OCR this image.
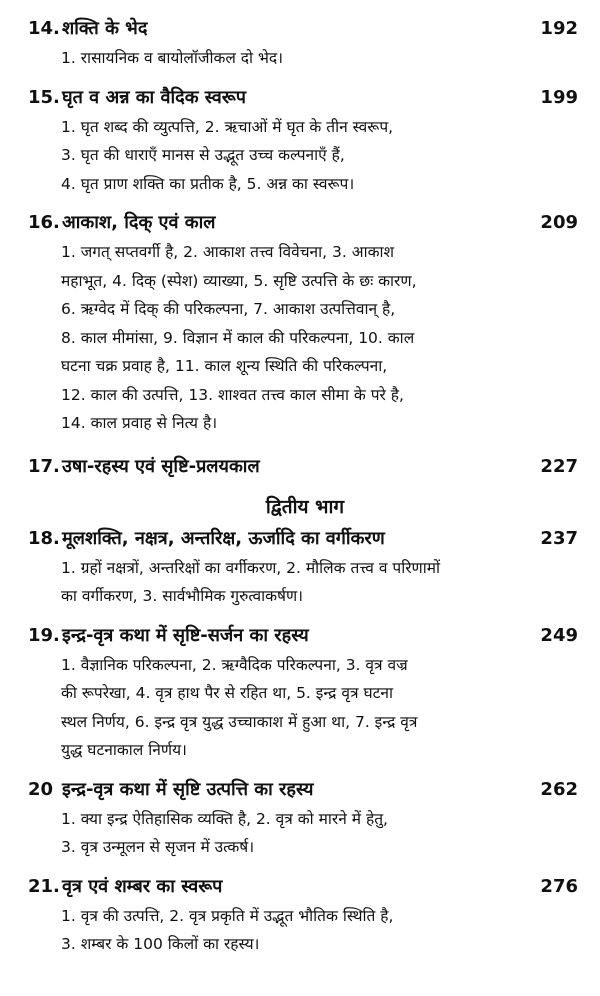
14. शक्ति के भेद	192
1. रासायनिक व बायोलॉजीकल दो भेद।
15. घृत व अन्न का वैदिक स्वरूप	199
1. घृत शब्द की व्युत्पत्ति, 2. ऋचाओं में घृत के तीन स्वरूप,
3. घृत की धाराएँ मानस से उद्भूत उच्च कल्पनाएँ हैं,
4. घृत प्राण शक्ति का प्रतीक है, 5. अन्न का स्वरूप।
16. आकाश, दिक् एवं काल	209
1. जगत् सप्तवर्गी है, 2. आकाश तत्त्व विवेचना, 3. आकाश
महाभूत, 4. दिक् (स्पेश) व्याख्या, 5. सृष्टि उत्पत्ति के छः कारण,
6. ऋग्वेद में दिक् की परिकल्पना, 7. आकाश उत्पत्तिवान् है,
8. काल मीमांसा, 9. विज्ञान में काल की परिकल्पना, 10. काल
घटना चक्र प्रवाह है, 11. काल शून्य स्थिति की परिकल्पना,
12. काल की उत्पत्ति, 13. शाश्वत तत्त्व काल सीमा के परे है,
14. काल प्रवाह से नित्य है।
17. उषा-रहस्य एवं सृष्टि-प्रलयकाल	227
द्वितीय भाग
18. मूलशक्ति, नक्षत्र, अन्तरिक्ष, ऊर्जादि का वर्गीकरण	237
1. ग्रहों नक्षत्रों, अन्तरिक्षों का वर्गीकरण, 2. मौलिक तत्त्व व परिणामों
का वर्गीकरण, 3. सार्वभौमिक गुरुत्वाकर्षण।
19. इन्द्र-वृत्र कथा में सृष्टि-सर्जन का रहस्य	249
1. वैज्ञानिक परिकल्पना, 2. ऋग्वैदिक परिकल्पना, 3. वृत्र वज्र
की रूपरेखा, 4. वृत्र हाथ पैर से रहित था, 5. इन्द्र वृत्र घटना
स्थल निर्णय, 6. इन्द्र वृत्र युद्ध उच्चाकाश में हुआ था, 7. इन्द्र वृत्र
युद्ध घटनाकाल निर्णय।
20 इन्द्र-वृत्र कथा में सृष्टि उत्पत्ति का रहस्य	262
1. क्या इन्द्र ऐतिहासिक व्यक्ति है, 2. वृत्र को मारने में हेतु,
3. वृत्र उन्मूलन से सृजन में उत्कर्ष।
21. वृत्र एवं शम्बर का स्वरूप	276
1. वृत्र की उत्पत्ति, 2. वृत्र प्रकृति में उद्भूत भौतिक स्थिति है,
3. शम्बर के 100 किलों का रहस्य।
